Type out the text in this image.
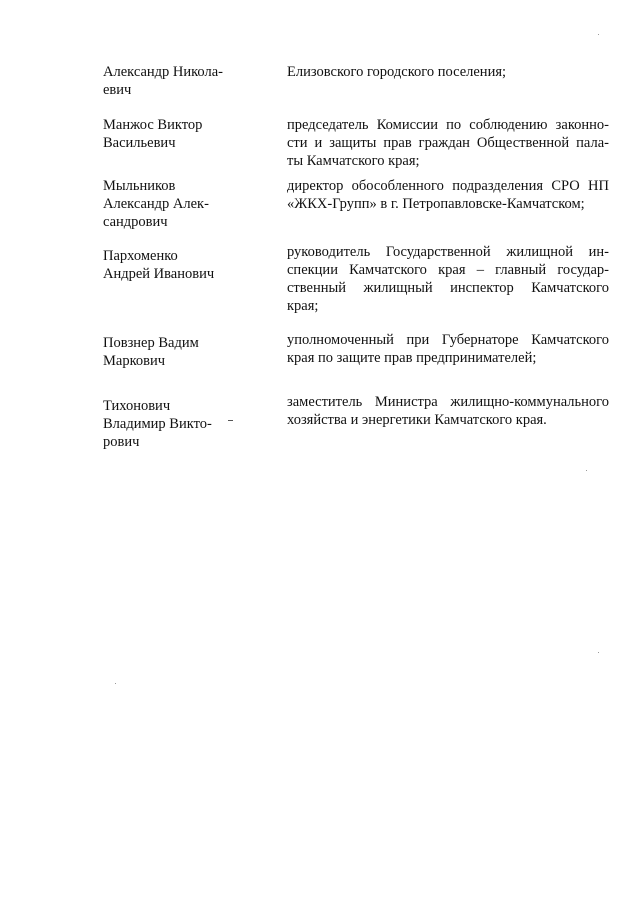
Александр Никола-
евич
Елизовского городского поселения;
Манжос Виктор
Васильевич
председатель Комиссии по соблюдению законно-
сти и защиты прав граждан Общественной пала-
ты Камчатского края;
Мыльников
Александр Алек-
сандрович
директор обособленного подразделения СРО НП
«ЖКХ-Групп» в г. Петропавловске-Камчатском;
Пархоменко
Андрей Иванович
руководитель Государственной жилищной ин-
спекции Камчатского края – главный государ-
ственный жилищный инспектор Камчатского
края;
Повзнер Вадим
Маркович
уполномоченный при Губернаторе Камчатского
края по защите прав предпринимателей;
Тихонович
Владимир Викто-
рович
заместитель Министра жилищно-коммунального
хозяйства и энергетики Камчатского края.
